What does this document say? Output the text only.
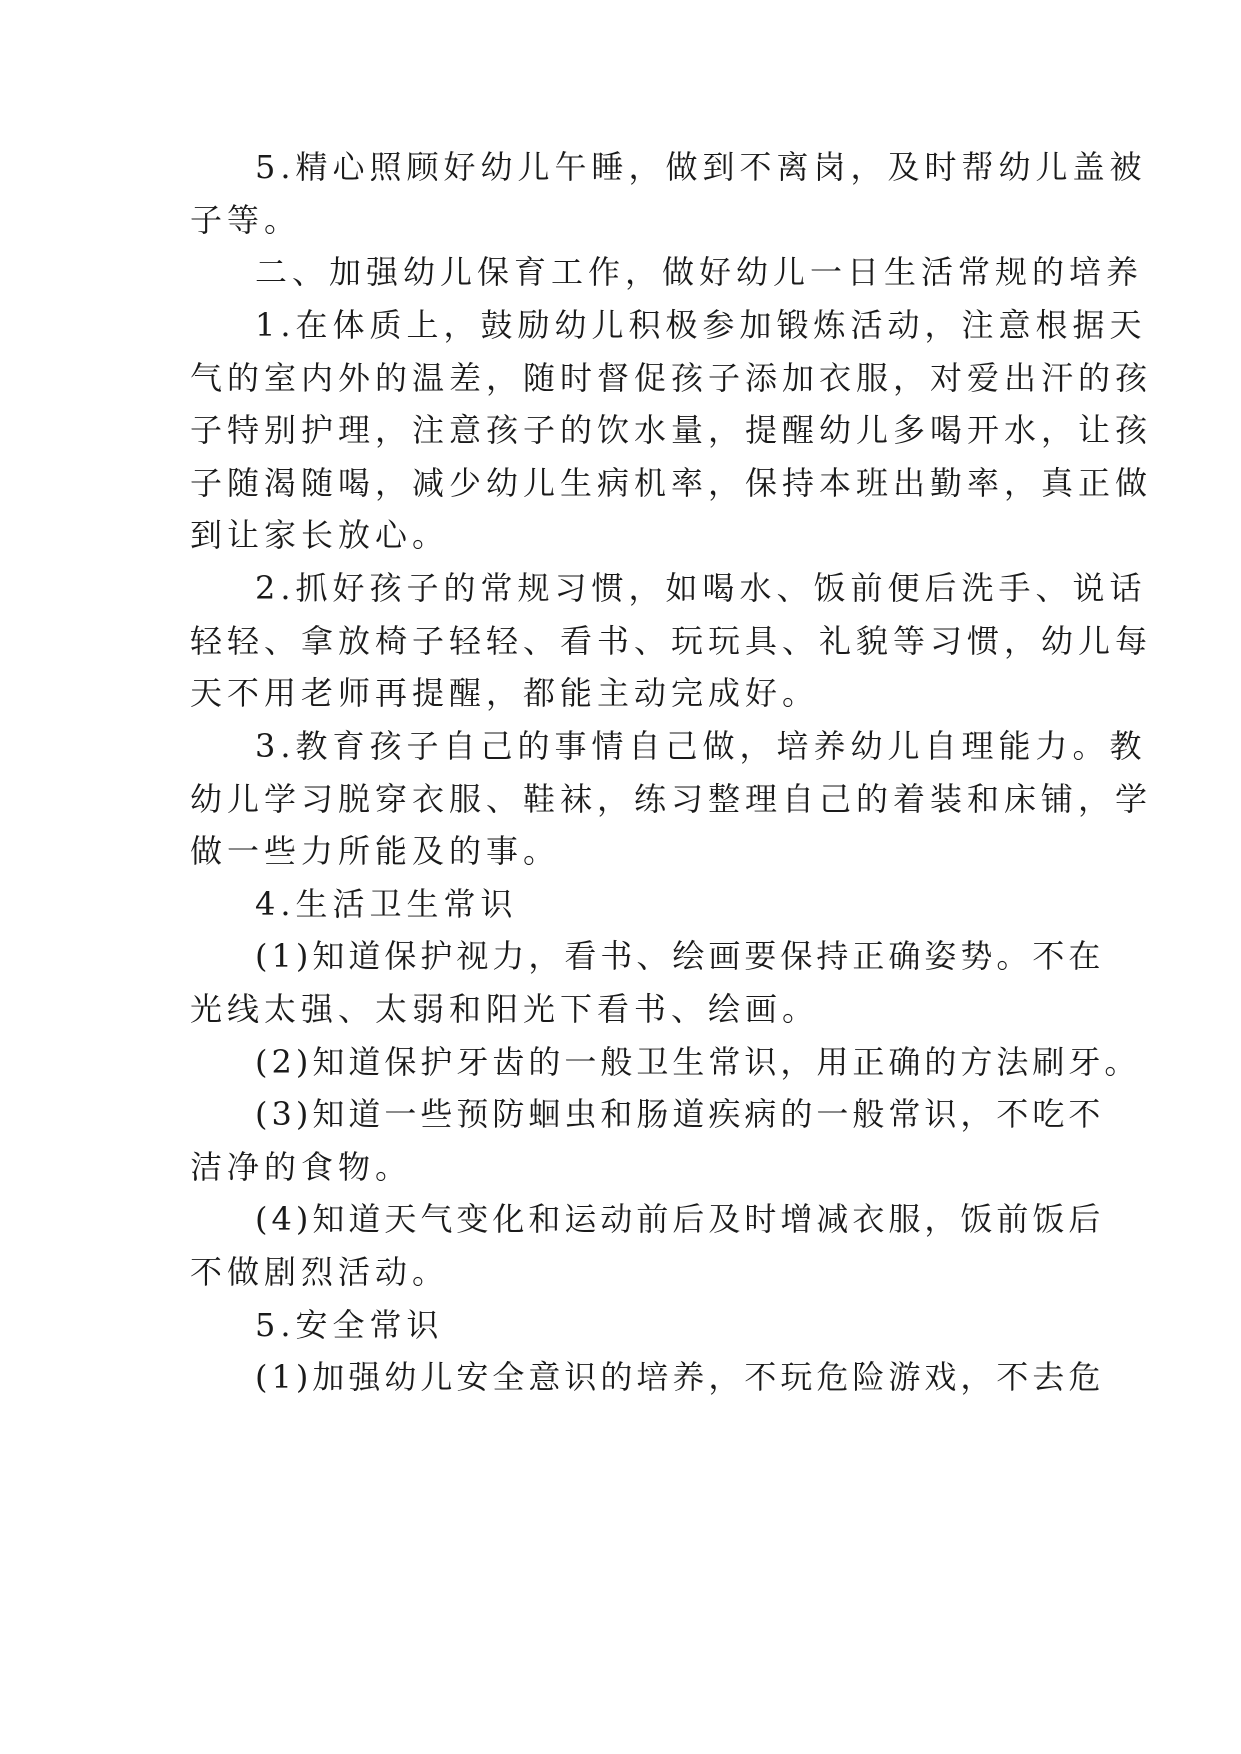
5.精心照顾好幼儿午睡，做到不离岗，及时帮幼儿盖被
子等。
二、加强幼儿保育工作，做好幼儿一日生活常规的培养
1.在体质上，鼓励幼儿积极参加锻炼活动，注意根据天
气的室内外的温差，随时督促孩子添加衣服，对爱出汗的孩
子特别护理，注意孩子的饮水量，提醒幼儿多喝开水，让孩
子随渴随喝，减少幼儿生病机率，保持本班出勤率，真正做
到让家长放心。
2.抓好孩子的常规习惯，如喝水、饭前便后洗手、说话
轻轻、拿放椅子轻轻、看书、玩玩具、礼貌等习惯，幼儿每
天不用老师再提醒，都能主动完成好。
3.教育孩子自己的事情自己做，培养幼儿自理能力。教
幼儿学习脱穿衣服、鞋袜，练习整理自己的着装和床铺，学
做一些力所能及的事。
4.生活卫生常识
(1)知道保护视力，看书、绘画要保持正确姿势。不在
光线太强、太弱和阳光下看书、绘画。
(2)知道保护牙齿的一般卫生常识，用正确的方法刷牙。
(3)知道一些预防蛔虫和肠道疾病的一般常识，不吃不
洁净的食物。
(4)知道天气变化和运动前后及时增减衣服，饭前饭后
不做剧烈活动。
5.安全常识
(1)加强幼儿安全意识的培养，不玩危险游戏，不去危
